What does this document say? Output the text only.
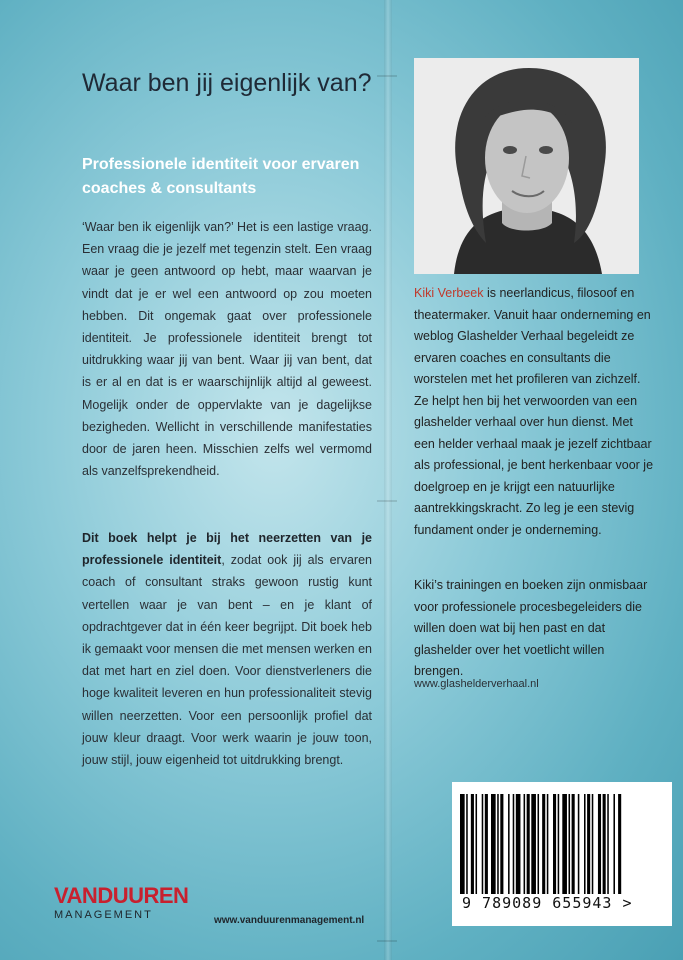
Waar ben jij eigenlijk van?
Professionele identiteit voor ervaren coaches & consultants

‘Waar ben ik eigenlijk van?’ Het is een lastige vraag. Een vraag die je jezelf met tegenzin stelt. Een vraag waar je geen antwoord op hebt, maar waarvan je vindt dat je er wel een antwoord op zou moeten hebben. Dit ongemak gaat over professionele identiteit. Je professionele identiteit brengt tot uitdrukking waar jij van bent. Waar jij van bent, dat is er al en dat is er waarschijnlijk altijd al geweest. Mogelijk onder de oppervlakte van je dagelijkse bezigheden. Wellicht in verschillende manifestaties door de jaren heen. Misschien zelfs wel vermomd als vanzelfsprekendheid.

Dit boek helpt je bij het neerzetten van je professionele identiteit, zodat ook jij als ervaren coach of consultant straks gewoon rustig kunt vertellen waar je van bent – en je klant of opdrachtgever dat in één keer begrijpt. Dit boek heb ik gemaakt voor mensen die met mensen werken en dat met hart en ziel doen. Voor dienstverleners die hoge kwaliteit leveren en hun professionaliteit stevig willen neerzetten. Voor een persoonlijk profiel dat jouw kleur draagt. Voor werk waarin je jouw toon, jouw stijl, jouw eigenheid tot uitdrukking brengt.

Kiki Verbeek is neerlandicus, filosoof en theatermaker. Vanuit haar onderneming en weblog Glashelder Verhaal begeleidt ze ervaren coaches en consultants die worstelen met het profileren van zichzelf. Ze helpt hen bij het verwoorden van een glashelder verhaal over hun dienst. Met een helder verhaal maak je jezelf zichtbaar als professional, je bent herkenbaar voor je doelgroep en je krijgt een natuurlijke aantrekkingskracht. Zo leg je een stevig fundament onder je onderneming.

Kiki’s trainingen en boeken zijn onmisbaar voor professionele procesbegeleiders die willen doen wat bij hen past en dat glashelder over het voetlicht willen brengen.

www.glashelderverhaal.nl
9 789089 655943 >
VANDUUREN
MANAGEMENT	www.vanduurenmanagement.nl
